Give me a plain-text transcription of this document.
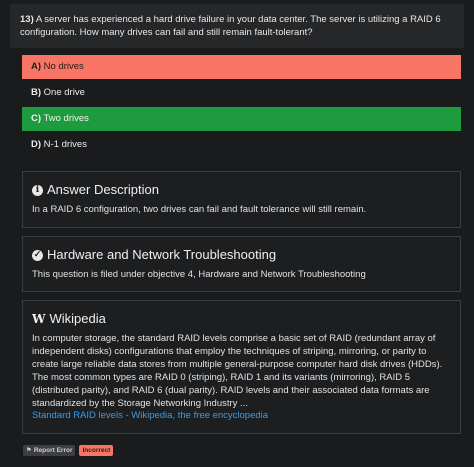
13) A server has experienced a hard drive failure in your data center. The server is utilizing a RAID 6 configuration. How many drives can fail and still remain fault-tolerant?
A) No drives
B) One drive
C) Two drives
D) N-1 drives
i Answer Description
In a RAID 6 configuration, two drives can fail and fault tolerance will still remain.
✓ Hardware and Network Troubleshooting
This question is filed under objective 4, Hardware and Network Troubleshooting
W Wikipedia
In computer storage, the standard RAID levels comprise a basic set of RAID (redundant array of independent disks) configurations that employ the techniques of striping, mirroring, or parity to create large reliable data stores from multiple general-purpose computer hard disk drives (HDDs). The most common types are RAID 0 (striping), RAID 1 and its variants (mirroring), RAID 5 (distributed parity), and RAID 6 (dual parity). RAID levels and their associated data formats are standardized by the Storage Networking Industry ...
Standard RAID levels - Wikipedia, the free encyclopedia
⚑ Report Error	Incorrect
